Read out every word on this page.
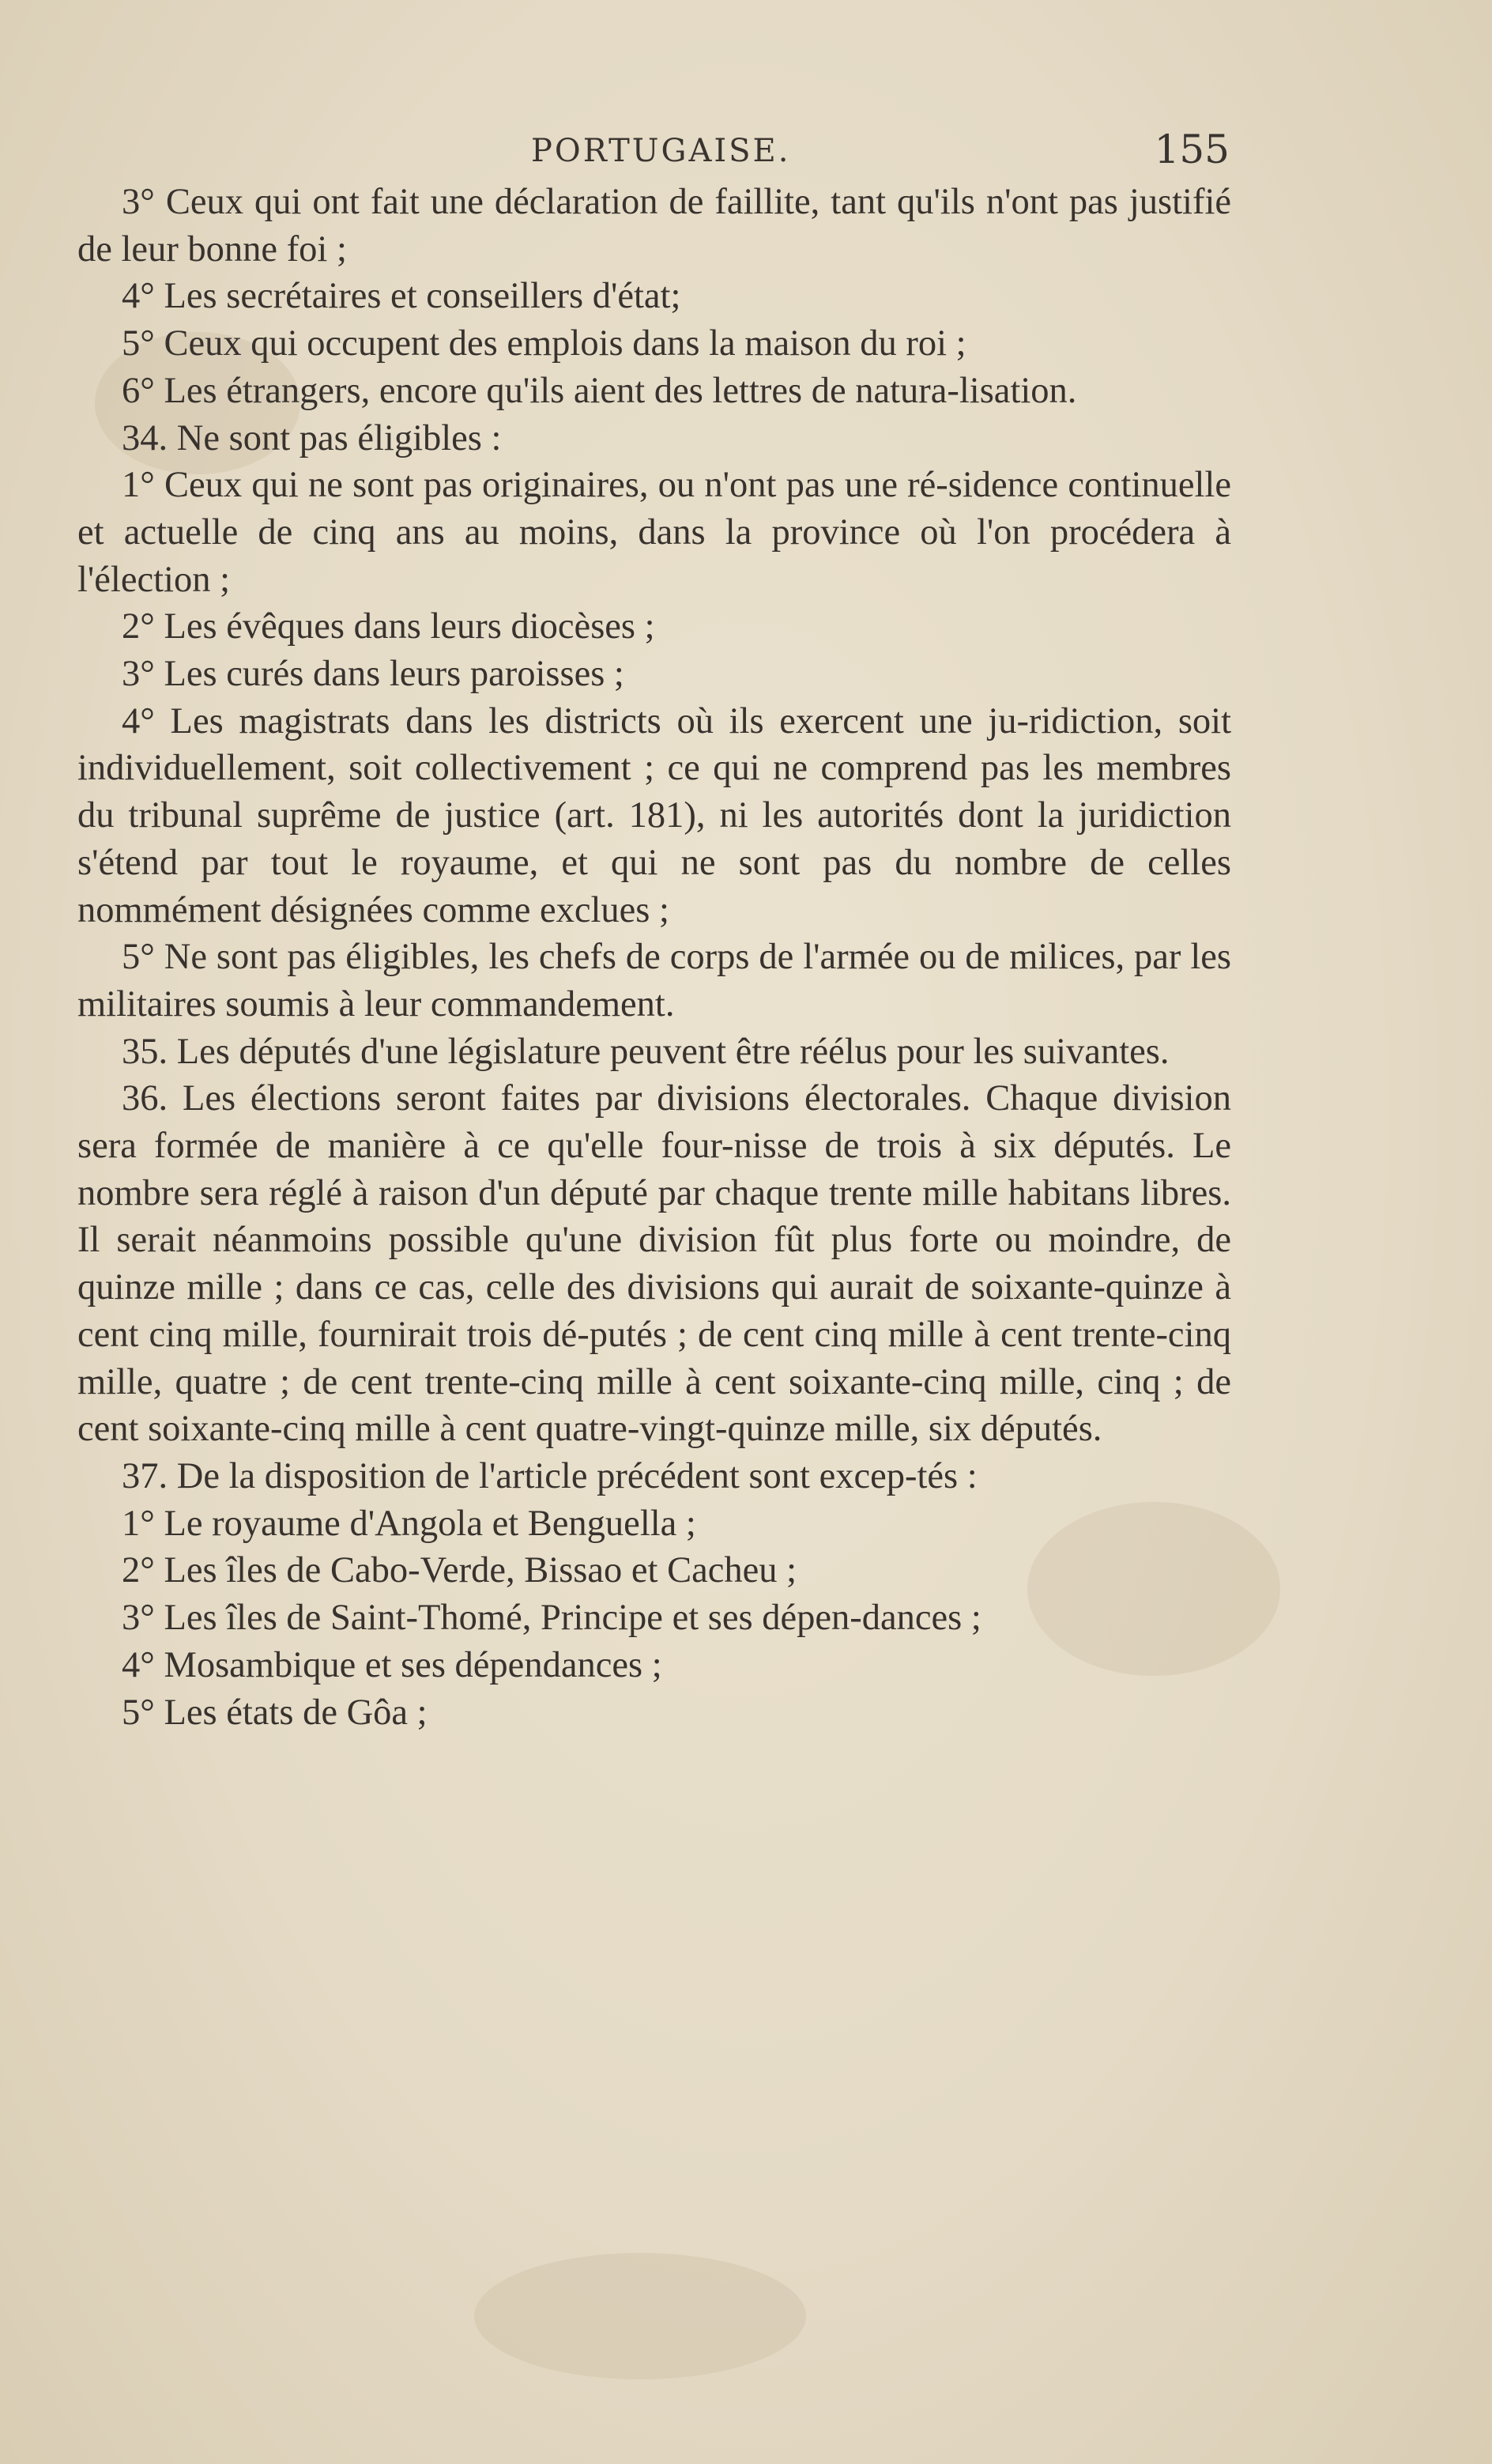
PORTUGAISE.	155

3° Ceux qui ont fait une déclaration de faillite, tant qu'ils n'ont pas justifié de leur bonne foi ;

4° Les secrétaires et conseillers d'état;

5° Ceux qui occupent des emplois dans la maison du roi ;

6° Les étrangers, encore qu'ils aient des lettres de natura-lisation.

34. Ne sont pas éligibles :

1° Ceux qui ne sont pas originaires, ou n'ont pas une ré-sidence continuelle et actuelle de cinq ans au moins, dans la province où l'on procédera à l'élection ;

2° Les évêques dans leurs diocèses ;

3° Les curés dans leurs paroisses ;

4° Les magistrats dans les districts où ils exercent une ju-ridiction, soit individuellement, soit collectivement ; ce qui ne comprend pas les membres du tribunal suprême de justice (art. 181), ni les autorités dont la juridiction s'étend par tout le royaume, et qui ne sont pas du nombre de celles nommément désignées comme exclues ;

5° Ne sont pas éligibles, les chefs de corps de l'armée ou de milices, par les militaires soumis à leur commandement.

35. Les députés d'une législature peuvent être réélus pour les suivantes.

36. Les élections seront faites par divisions électorales. Chaque division sera formée de manière à ce qu'elle four-nisse de trois à six députés. Le nombre sera réglé à raison d'un député par chaque trente mille habitans libres. Il serait néanmoins possible qu'une division fût plus forte ou moindre, de quinze mille ; dans ce cas, celle des divisions qui aurait de soixante-quinze à cent cinq mille, fournirait trois dé-putés ; de cent cinq mille à cent trente-cinq mille, quatre ; de cent trente-cinq mille à cent soixante-cinq mille, cinq ; de cent soixante-cinq mille à cent quatre-vingt-quinze mille, six députés.

37. De la disposition de l'article précédent sont excep-tés :

1° Le royaume d'Angola et Benguella ;

2° Les îles de Cabo-Verde, Bissao et Cacheu ;

3° Les îles de Saint-Thomé, Principe et ses dépen-dances ;

4° Mosambique et ses dépendances ;

5° Les états de Gôa ;
